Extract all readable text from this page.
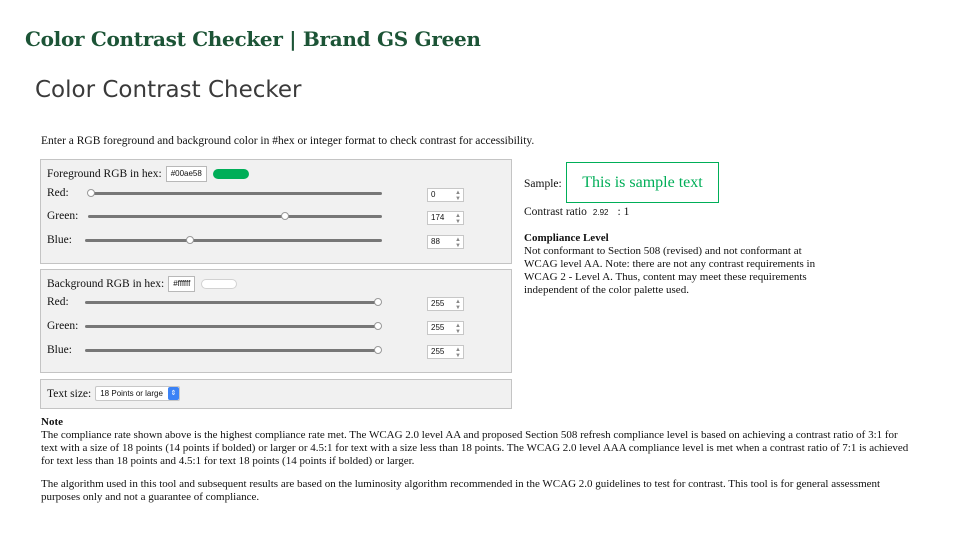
Color Contrast Checker | Brand GS Green
Color Contrast Checker
Enter a RGB foreground and background color in #hex or integer format to check contrast for accessibility.
Foreground RGB in hex:	#00ae58
Red:	0	▲
▼
Green:	174 ▲
▼
Blue:	88	▲
▼
Background RGB in hex:	#ffffff
Red:	255 ▲
▼
Green:	255 ▲
▼
Blue:	255 ▲
▼
Text size: 18 Points or large	⇕
Sample:	This is sample text
Contrast ratio 2.92 : 1
Compliance Level
Not conformant to Section 508 (revised) and not conformant at WCAG level AA. Note: there are not any contrast requirements in WCAG 2 - Level A. Thus, content may meet these requirements independent of the color palette used.
Note

The compliance rate shown above is the highest compliance rate met. The WCAG 2.0 level AA and proposed Section 508 refresh compliance level is based on achieving a contrast ratio of 3:1 for text with a size of 18 points (14 points if bolded) or larger or 4.5:1 for text with a size less than 18 points. The WCAG 2.0 level AAA compliance level is met when a contrast ratio of 7:1 is achieved for text less than 18 points and 4.5:1 for text 18 points (14 points if bolded) or larger.

The algorithm used in this tool and subsequent results are based on the luminosity algorithm recommended in the WCAG 2.0 guidelines to test for contrast. This tool is for general assessment purposes only and not a guarantee of compliance.
